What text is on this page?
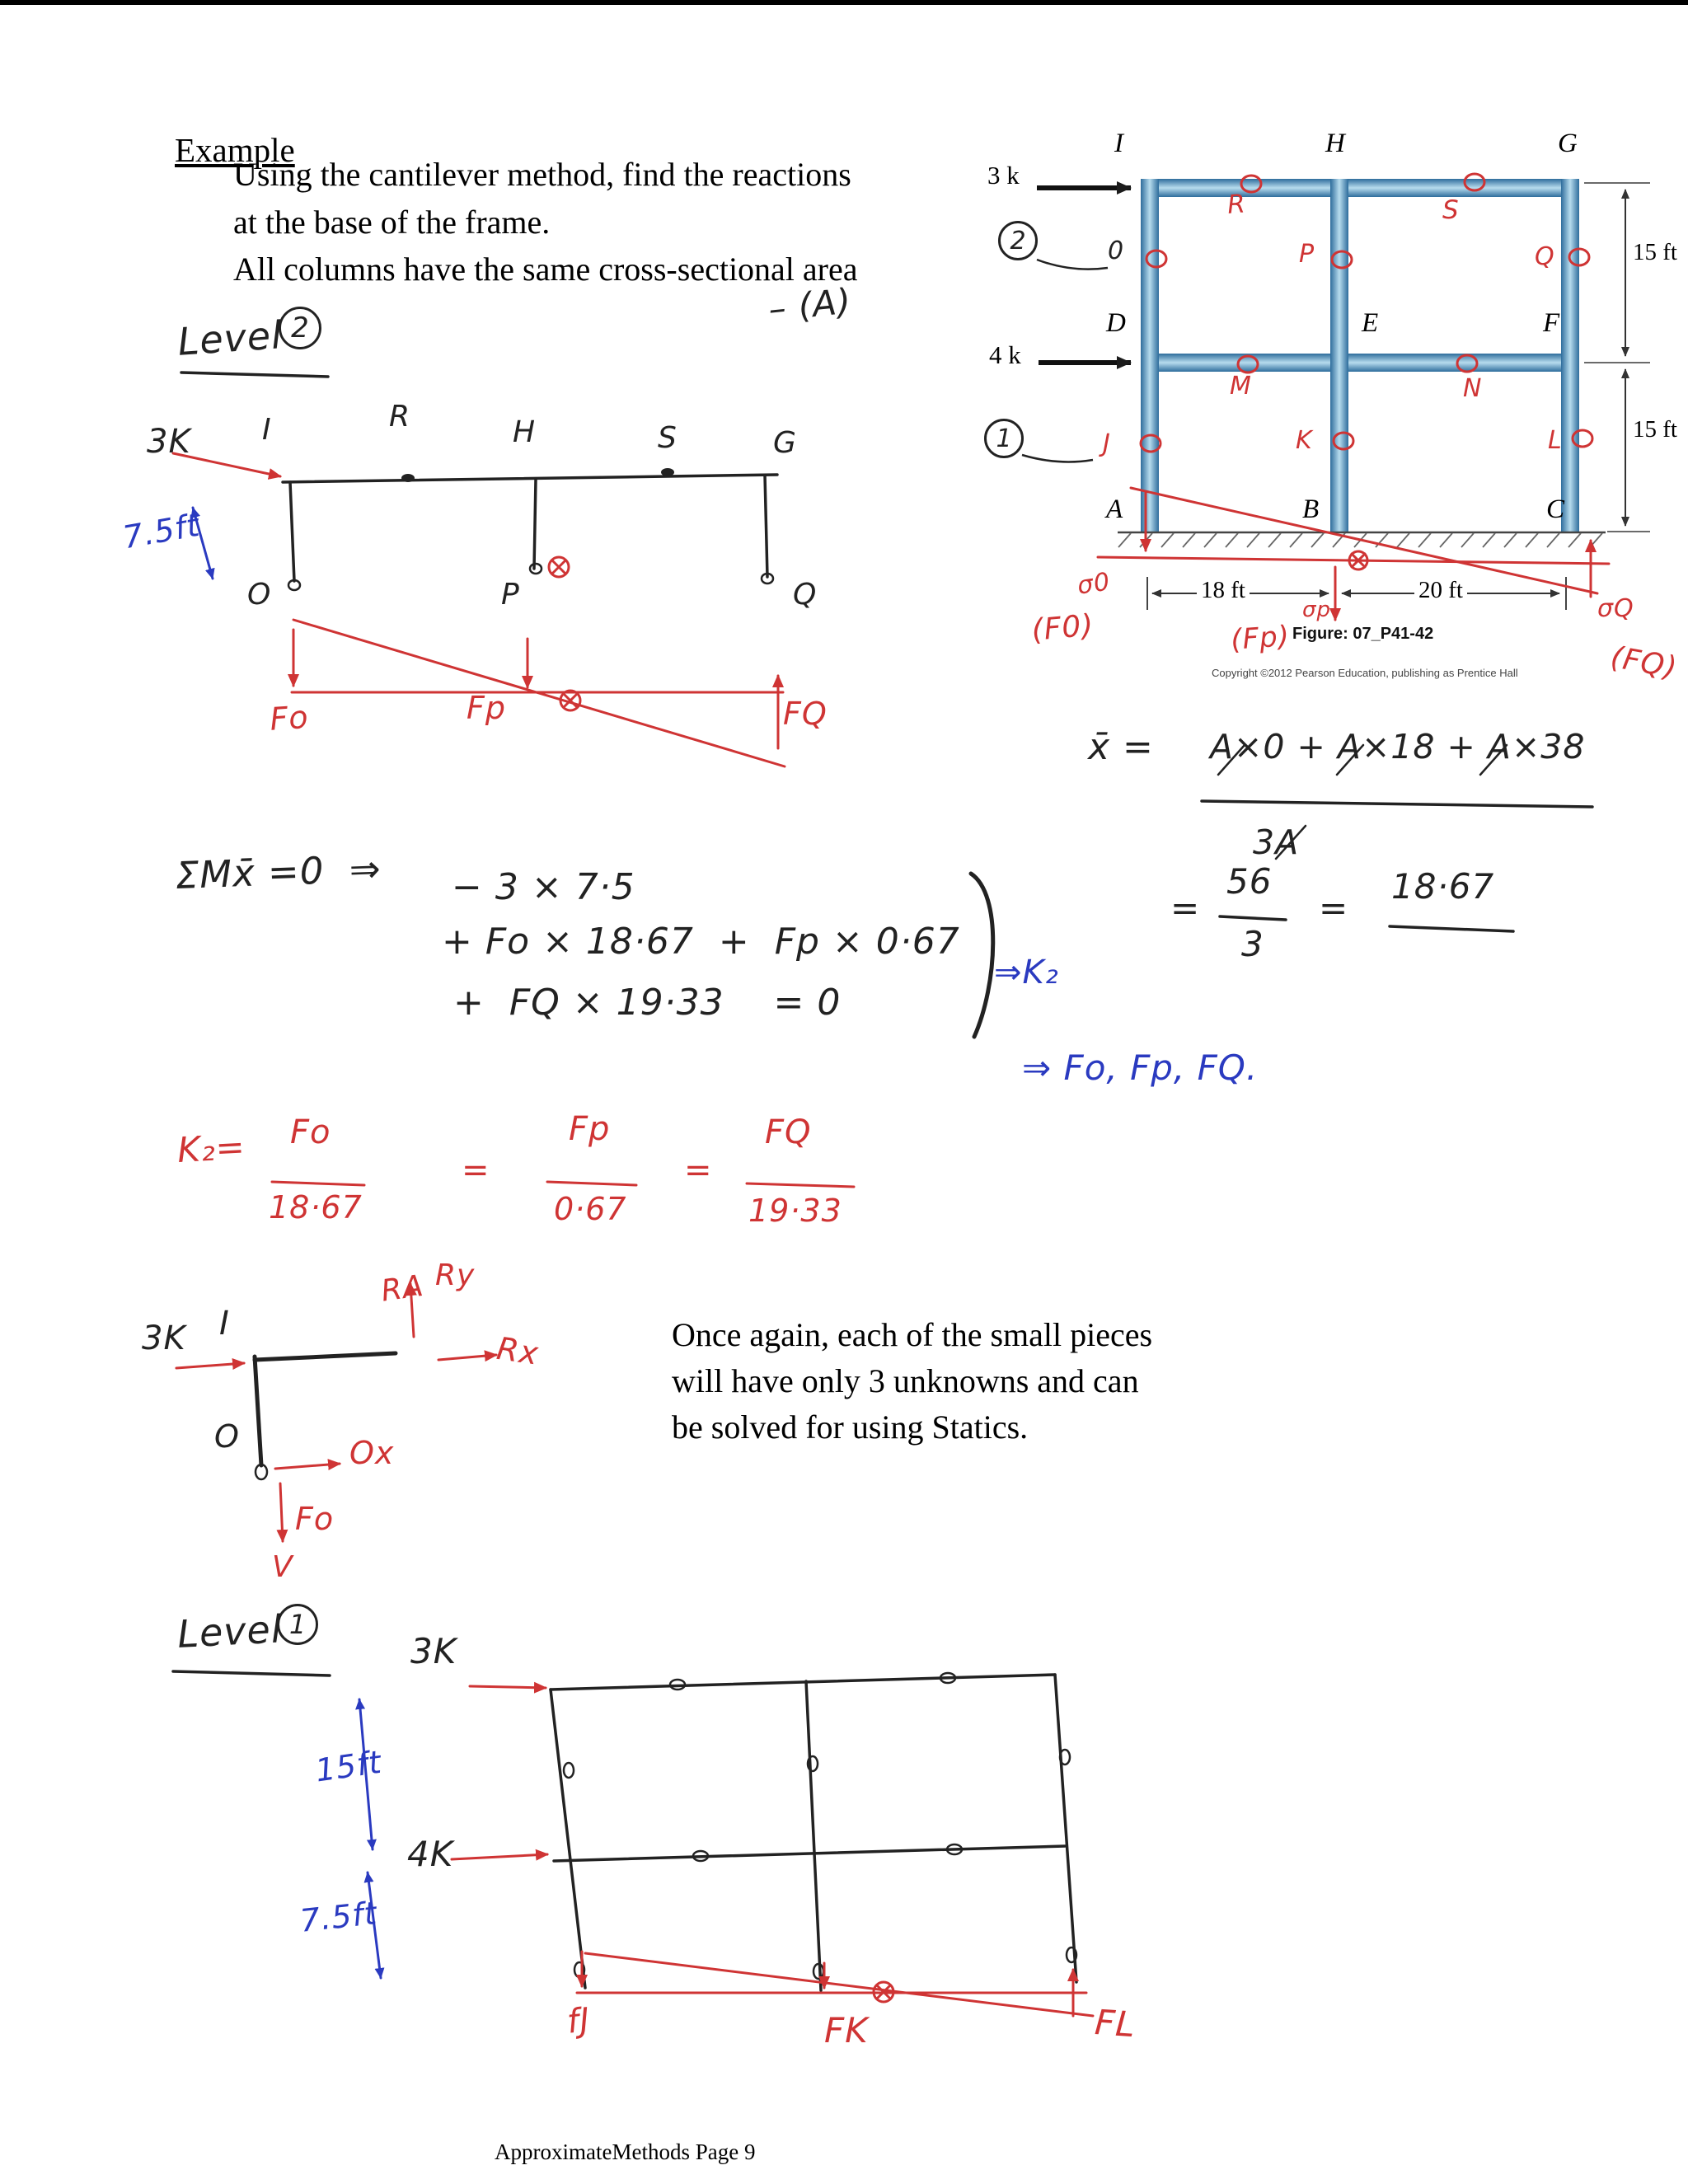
Example
Using the cantilever method, find the reactions
at the base of the frame.
All columns have the same cross-sectional area
– (A)
2
1
3 k
4 k
I	H	G
D	E	F
A	B	C
15 ft
15 ft
18 ft	20 ft
Figure: 07_P41-42
Copyright ©2012 Pearson Education, publishing as Prentice Hall
R	S
0	P	Q
M	N
J	K	L
σ0
σp	σQ
(F0)	(Fp)
(FQ)
Level 2
3K I	R	H	S	G
7.5ft
O	P	Q
Fo	Fp	FQ
x̄ = A×0 + A×18 + A×38
3A
=
56
3
=
18·67
ΣMx̄ =0  ⇒ − 3 × 7·5
+ Fo × 18·67  +  Fp × 0·67
+  FQ × 19·33    = 0
⇒K₂
⇒ Fo, Fp, FQ.
K₂= Fo
18·67
=
Fp
0·67
=
FQ
19·33
RA Ry
3K I
Rx
O	Ox
Fo
V
Once again, each of the small pieces
will have only 3 unknowns and can
be solved for using Statics.
Level 1
3K
15ft
4K
7.5ft
fJ	FK	FL
ApproximateMethods Page 9
